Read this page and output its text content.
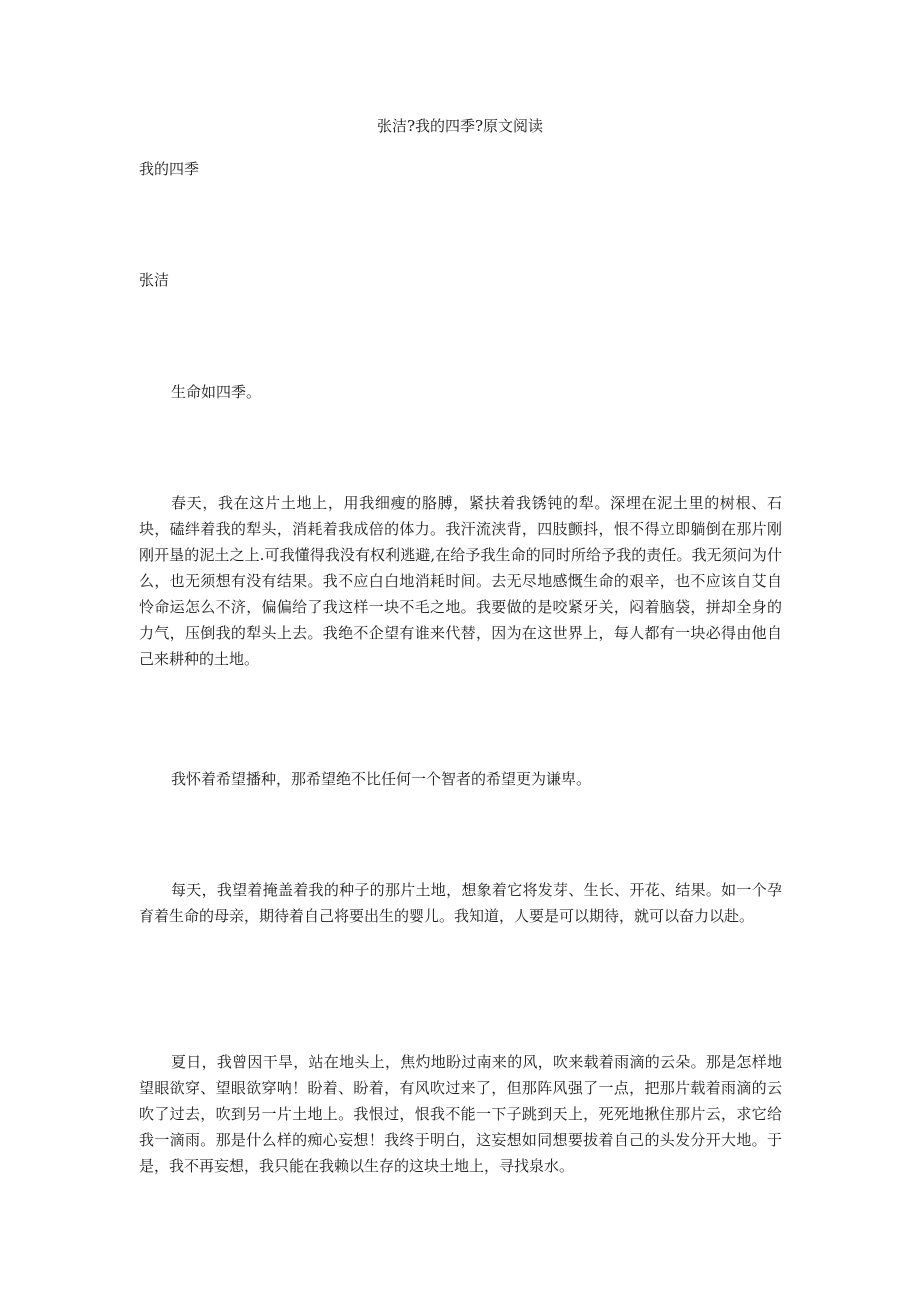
张洁?我的四季?原文阅读
我的四季
张洁

生命如四季。

春天，我在这片土地上，用我细瘦的胳膊，紧扶着我锈钝的犁。深埋在泥土里的树根、石块，磕绊着我的犁头，消耗着我成倍的体力。我汗流浃背，四肢颤抖，恨不得立即躺倒在那片刚刚开垦的泥土之上.可我懂得我没有权利逃避,在给予我生命的同时所给予我的责任。我无须问为什么，也无须想有没有结果。我不应白白地消耗时间。去无尽地感慨生命的艰辛，也不应该自艾自怜命运怎么不济，偏偏给了我这样一块不毛之地。我要做的是咬紧牙关，闷着脑袋，拼却全身的力气，压倒我的犁头上去。我绝不企望有谁来代替，因为在这世界上，每人都有一块必得由他自己来耕种的土地。

我怀着希望播种，那希望绝不比任何一个智者的希望更为谦卑。

每天，我望着掩盖着我的种子的那片土地，想象着它将发芽、生长、开花、结果。如一个孕育着生命的母亲，期待着自己将要出生的婴儿。我知道，人要是可以期待，就可以奋力以赴。

夏日，我曾因干旱，站在地头上，焦灼地盼过南来的风，吹来载着雨滴的云朵。那是怎样地望眼欲穿、望眼欲穿呐！盼着、盼着，有风吹过来了，但那阵风强了一点，把那片载着雨滴的云吹了过去，吹到另一片土地上。我恨过，恨我不能一下子跳到天上，死死地揪住那片云，求它给我一滴雨。那是什么样的痴心妄想！我终于明白，这妄想如同想要拔着自己的头发分开大地。于是，我不再妄想，我只能在我赖以生存的这块土地上，寻找泉水。
